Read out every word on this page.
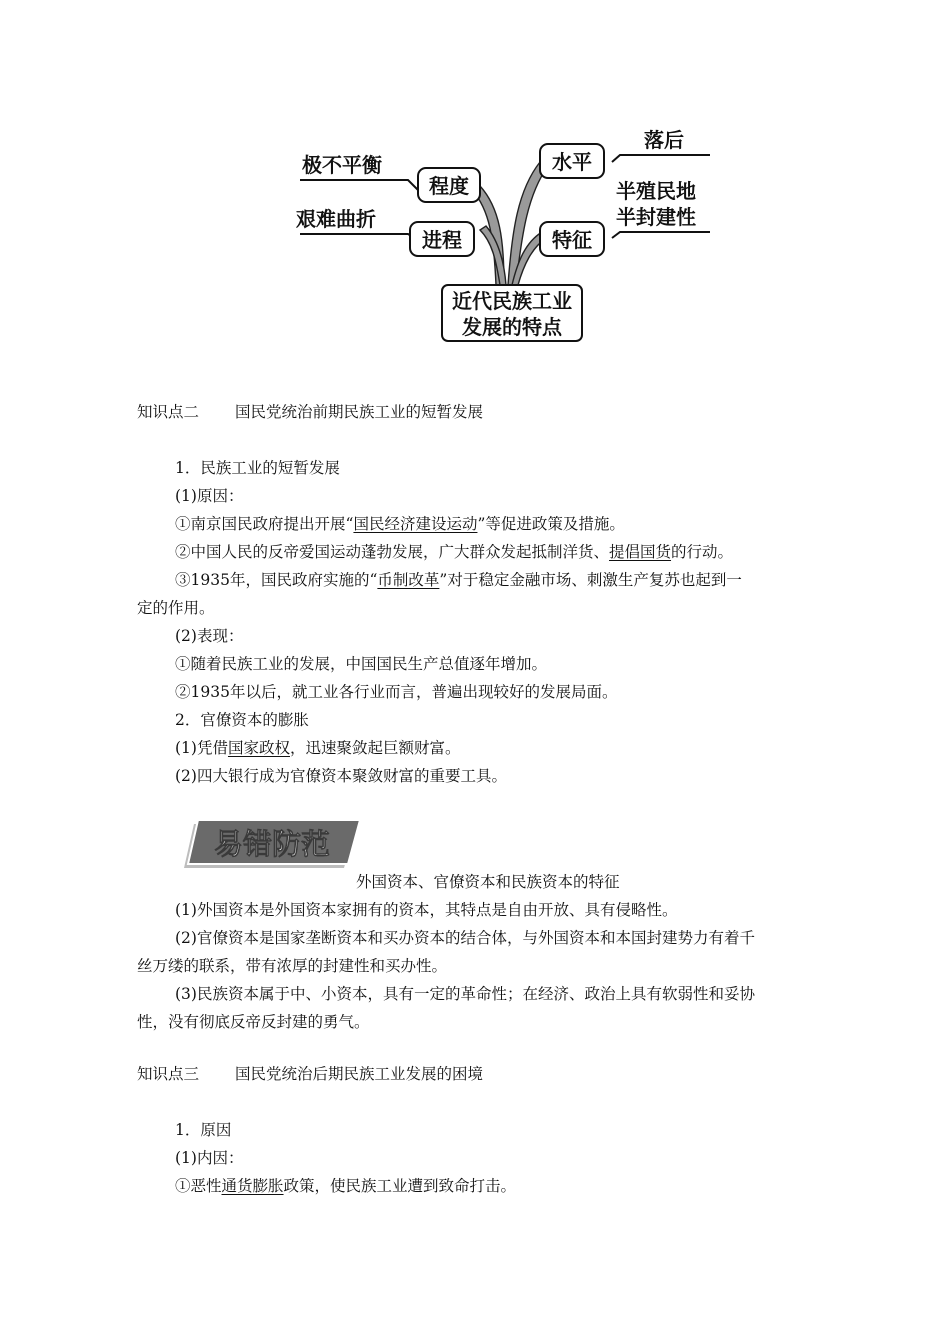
程度
进程
水平
特征
近代民族工业
发展的特点
极不平衡
艰难曲折
落后
半殖民地
半封建性
知识点二 国民党统治前期民族工业的短暂发展
1．民族工业的短暂发展
(1)原因：
①南京国民政府提出开展“国民经济建设运动”等促进政策及措施。
②中国人民的反帝爱国运动蓬勃发展，广大群众发起抵制洋货、提倡国货的行动。
③1935年，国民政府实施的“币制改革”对于稳定金融市场、刺激生产复苏也起到一
定的作用。
(2)表现：
①随着民族工业的发展，中国国民生产总值逐年增加。
②1935年以后，就工业各行业而言，普遍出现较好的发展局面。
2．官僚资本的膨胀
(1)凭借国家政权，迅速聚敛起巨额财富。
(2)四大银行成为官僚资本聚敛财富的重要工具。
易错防范
外国资本、官僚资本和民族资本的特征
(1)外国资本是外国资本家拥有的资本，其特点是自由开放、具有侵略性。
(2)官僚资本是国家垄断资本和买办资本的结合体，与外国资本和本国封建势力有着千
丝万缕的联系，带有浓厚的封建性和买办性。
(3)民族资本属于中、小资本，具有一定的革命性；在经济、政治上具有软弱性和妥协
性，没有彻底反帝反封建的勇气。
知识点三 国民党统治后期民族工业发展的困境
1．原因
(1)内因：
①恶性通货膨胀政策，使民族工业遭到致命打击。
